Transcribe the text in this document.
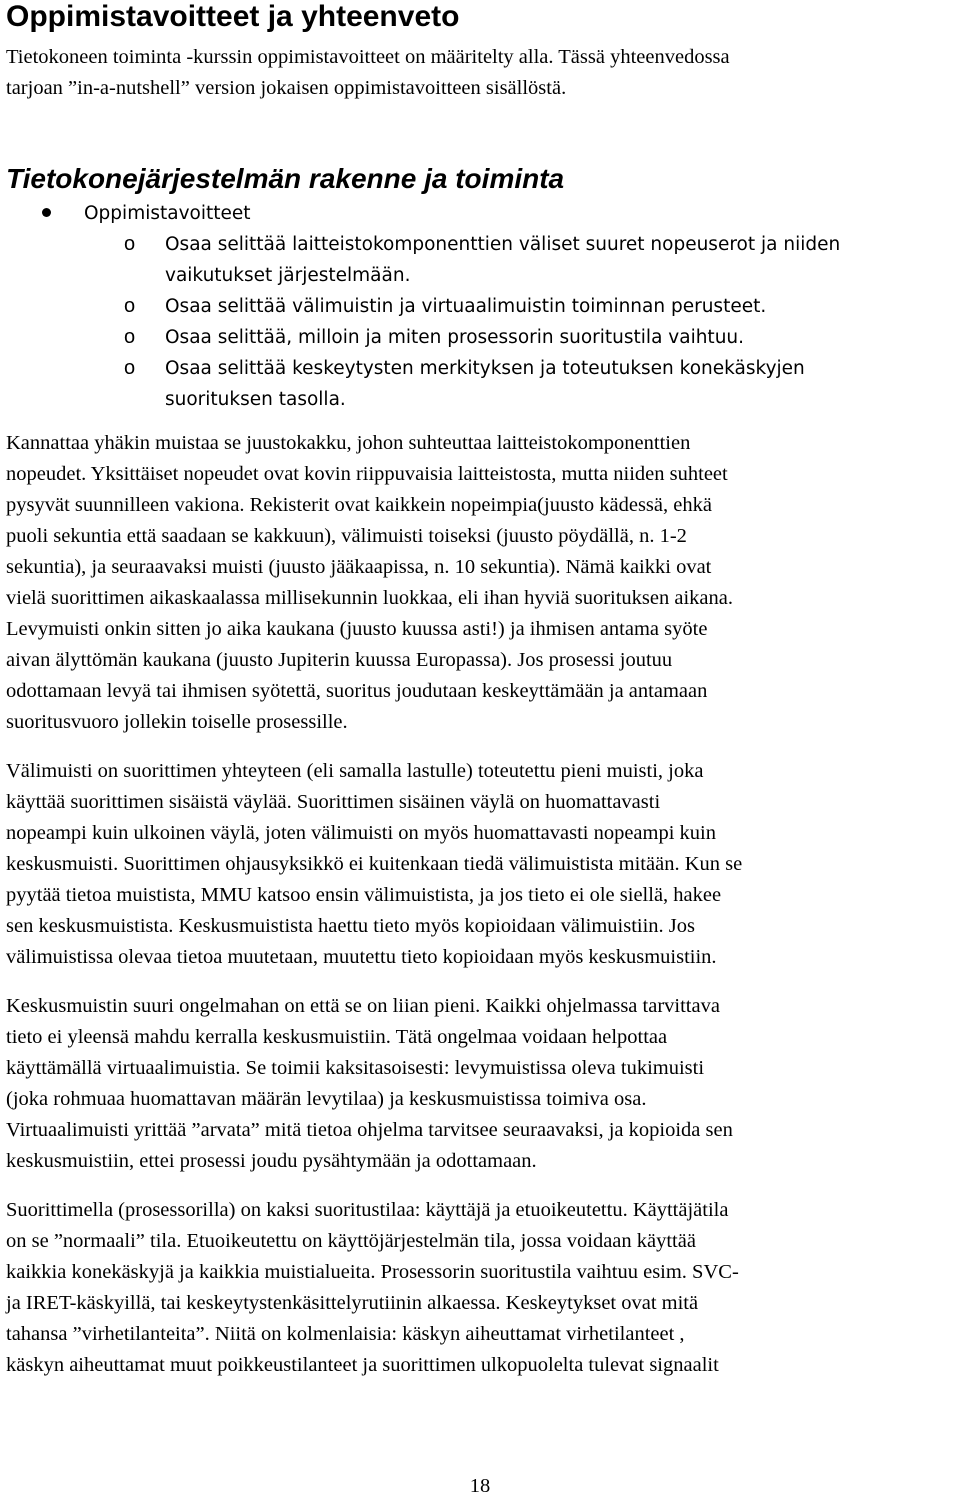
Oppimistavoitteet ja yhteenveto
Tietokoneen toiminta -kurssin oppimistavoitteet on määritelty alla. Tässä yhteenvedossa
tarjoan ”in-a-nutshell” version jokaisen oppimistavoitteen sisällöstä.
Tietokonejärjestelmän rakenne ja toiminta
Oppimistavoitteet
o Osaa selittää laitteistokomponenttien väliset suuret nopeuserot ja niiden
vaikutukset järjestelmään.
o Osaa selittää välimuistin ja virtuaalimuistin toiminnan perusteet.
o Osaa selittää, milloin ja miten prosessorin suoritustila vaihtuu.
o Osaa selittää keskeytysten merkityksen ja toteutuksen konekäskyjen
suorituksen tasolla.
Kannattaa yhäkin muistaa se juustokakku, johon suhteuttaa laitteistokomponenttien
nopeudet. Yksittäiset nopeudet ovat kovin riippuvaisia laitteistosta, mutta niiden suhteet
pysyvät suunnilleen vakiona. Rekisterit ovat kaikkein nopeimpia(juusto kädessä, ehkä
puoli sekuntia että saadaan se kakkuun), välimuisti toiseksi (juusto pöydällä, n. 1-2
sekuntia), ja seuraavaksi muisti (juusto jääkaapissa, n. 10 sekuntia). Nämä kaikki ovat
vielä suorittimen aikaskaalassa millisekunnin luokkaa, eli ihan hyviä suorituksen aikana.
Levymuisti onkin sitten jo aika kaukana (juusto kuussa asti!) ja ihmisen antama syöte
aivan älyttömän kaukana (juusto Jupiterin kuussa Europassa). Jos prosessi joutuu
odottamaan levyä tai ihmisen syötettä, suoritus joudutaan keskeyttämään ja antamaan
suoritusvuoro jollekin toiselle prosessille.
Välimuisti on suorittimen yhteyteen (eli samalla lastulle) toteutettu pieni muisti, joka
käyttää suorittimen sisäistä väylää. Suorittimen sisäinen väylä on huomattavasti
nopeampi kuin ulkoinen väylä, joten välimuisti on myös huomattavasti nopeampi kuin
keskusmuisti. Suorittimen ohjausyksikkö ei kuitenkaan tiedä välimuistista mitään. Kun se
pyytää tietoa muistista, MMU katsoo ensin välimuistista, ja jos tieto ei ole siellä, hakee
sen keskusmuistista. Keskusmuistista haettu tieto myös kopioidaan välimuistiin. Jos
välimuistissa olevaa tietoa muutetaan, muutettu tieto kopioidaan myös keskusmuistiin.
Keskusmuistin suuri ongelmahan on että se on liian pieni. Kaikki ohjelmassa tarvittava
tieto ei yleensä mahdu kerralla keskusmuistiin. Tätä ongelmaa voidaan helpottaa
käyttämällä virtuaalimuistia. Se toimii kaksitasoisesti: levymuistissa oleva tukimuisti
(joka rohmuaa huomattavan määrän levytilaa) ja keskusmuistissa toimiva osa.
Virtuaalimuisti yrittää ”arvata” mitä tietoa ohjelma tarvitsee seuraavaksi, ja kopioida sen
keskusmuistiin, ettei prosessi joudu pysähtymään ja odottamaan.
Suorittimella (prosessorilla) on kaksi suoritustilaa: käyttäjä ja etuoikeutettu. Käyttäjätila
on se ”normaali” tila. Etuoikeutettu on käyttöjärjestelmän tila, jossa voidaan käyttää
kaikkia konekäskyjä ja kaikkia muistialueita. Prosessorin suoritustila vaihtuu esim. SVC-
ja IRET-käskyillä, tai keskeytystenkäsittelyrutiinin alkaessa. Keskeytykset ovat mitä
tahansa ”virhetilanteita”. Niitä on kolmenlaisia: käskyn aiheuttamat virhetilanteet ,
käskyn aiheuttamat muut poikkeustilanteet ja suorittimen ulkopuolelta tulevat signaalit
18
